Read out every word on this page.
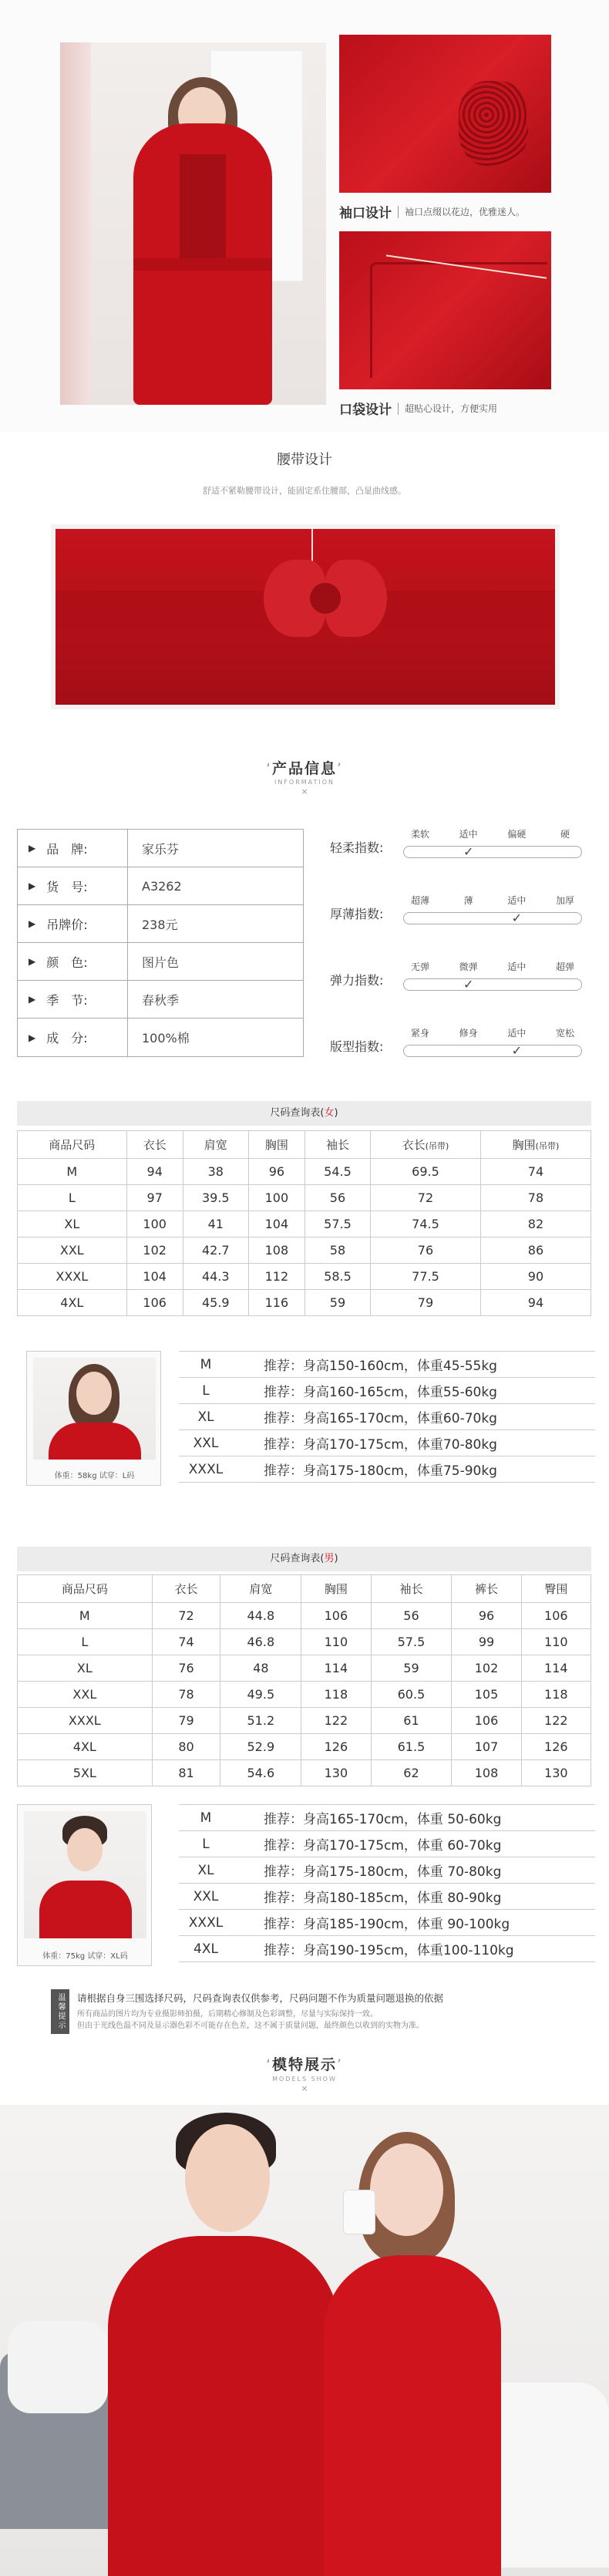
袖口设计 袖口点缀以花边，优雅迷人。
口袋设计 超贴心设计，方便实用
腰带设计
舒适不紧勒腰带设计，能固定系住腰部，凸显曲线感。
‘产品信息’
INFORMATION
×
▶ 品　牌:	家乐芬
▶ 货　号:	A3262
▶ 吊牌价:	238元
▶ 颜　色:	图片色
▶ 季　节:	春秋季
▶ 成　分:	100%棉
轻柔指数:
柔软	适中
✓
偏硬	硬
厚薄指数:
超薄	薄	适中
✓
加厚
弹力指数:
无弹	微弹
✓
适中	超弹
版型指数:
紧身	修身	适中
✓
宽松
尺码查询表(女)
商品尺码	衣长	肩宽	胸围	袖长	衣长(吊带)	胸围(吊带)
M	94	38	96	54.5	69.5	74
L	97	39.5	100	56	72	78
XL	100	41	104	57.5	74.5	82
XXL	102	42.7	108	58	76	86
XXXL	104	44.3	112	58.5	77.5	90
4XL	106	45.9	116	59	79	94
体重：58kg 试穿：L码
M	推荐：身高150-160cm，体重45-55kg
L	推荐：身高160-165cm，体重55-60kg
XL	推荐：身高165-170cm，体重60-70kg
XXL	推荐：身高170-175cm，体重70-80kg
XXXL	推荐：身高175-180cm，体重75-90kg
尺码查询表(男)
商品尺码	衣长	肩宽	胸围	袖长	裤长	臀围
M	72	44.8	106	56	96	106
L	74	46.8	110	57.5	99	110
XL	76	48	114	59	102	114
XXL	78	49.5	118	60.5	105	118
XXXL	79	51.2	122	61	106	122
4XL	80	52.9	126	61.5	107	126
5XL	81	54.6	130	62	108	130
体重：75kg 试穿：XL码
M	推荐：身高165-170cm，体重 50-60kg
L	推荐：身高170-175cm，体重 60-70kg
XL	推荐：身高175-180cm，体重 70-80kg
XXL	推荐：身高180-185cm，体重 80-90kg
XXXL	推荐：身高185-190cm，体重 90-100kg
4XL	推荐：身高190-195cm，体重100-110kg
温馨提示	请根据自身三围选择尺码，尺码查询表仅供参考，尺码问题不作为质量问题退换的依据
所有商品的图片均为专业摄影师拍摄，后期精心修制及色彩调整，尽量与实际保持一致。
但由于光线色温不同及显示器色彩不可能存在色差，这不属于质量问题，最终颜色以收到的实物为准。
‘模特展示’
MODELS SHOW
×
